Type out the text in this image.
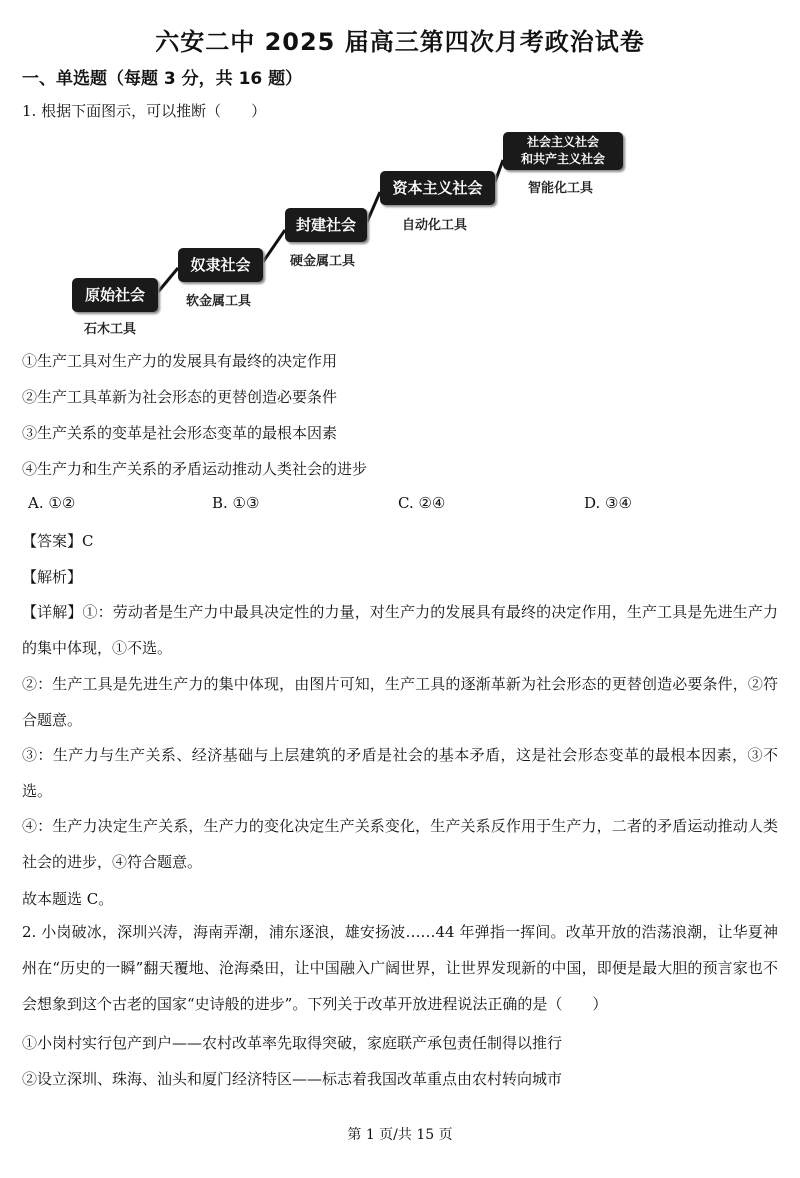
六安二中 2025 届高三第四次月考政治试卷
一、单选题（每题 3 分，共 16 题）
1. 根据下面图示，可以推断（　　）
原始社会
奴隶社会
封建社会
资本主义社会
社会主义社会
和共产主义社会
石木工具
软金属工具
硬金属工具
自动化工具
智能化工具
①生产工具对生产力的发展具有最终的决定作用
②生产工具革新为社会形态的更替创造必要条件
③生产关系的变革是社会形态变革的最根本因素
④生产力和生产关系的矛盾运动推动人类社会的进步
A. ①②	B. ①③	C. ②④	D. ③④
【答案】C
【解析】
【详解】①：劳动者是生产力中最具决定性的力量，对生产力的发展具有最终的决定作用，生产工具是先进生产力的集中体现，①不选。
②：生产工具是先进生产力的集中体现，由图片可知，生产工具的逐渐革新为社会形态的更替创造必要条件，②符合题意。
③：生产力与生产关系、经济基础与上层建筑的矛盾是社会的基本矛盾，这是社会形态变革的最根本因素，③不选。
④：生产力决定生产关系，生产力的变化决定生产关系变化，生产关系反作用于生产力，二者的矛盾运动推动人类社会的进步，④符合题意。
故本题选 C。
2. 小岗破冰，深圳兴涛，海南弄潮，浦东逐浪，雄安扬波……44 年弹指一挥间。改革开放的浩荡浪潮，让华夏神州在“历史的一瞬”翻天覆地、沧海桑田，让中国融入广阔世界，让世界发现新的中国，即便是最大胆的预言家也不会想象到这个古老的国家“史诗般的进步”。下列关于改革开放进程说法正确的是（　　）
①小岗村实行包产到户——农村改革率先取得突破，家庭联产承包责任制得以推行
②设立深圳、珠海、汕头和厦门经济特区——标志着我国改革重点由农村转向城市
第 1 页/共 15 页
